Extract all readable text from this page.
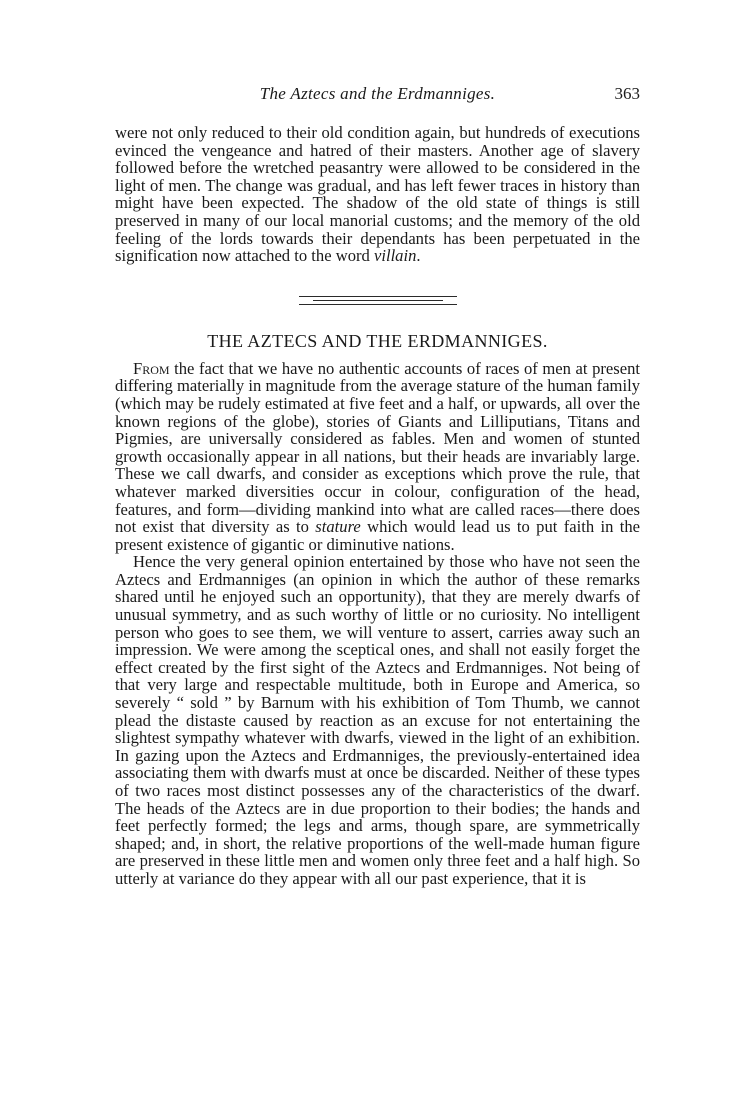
The Aztecs and the Erdmanniges.	363

were not only reduced to their old condition again, but hundreds of executions evinced the vengeance and hatred of their masters. Another age of slavery followed before the wretched peasantry were allowed to be considered in the light of men. The change was gradual, and has left fewer traces in history than might have been expected. The shadow of the old state of things is still preserved in many of our local manorial customs; and the memory of the old feeling of the lords towards their dependants has been perpetuated in the signification now attached to the word villain.

THE AZTECS AND THE ERDMANNIGES.

From the fact that we have no authentic accounts of races of men at present differing materially in magnitude from the average stature of the human family (which may be rudely estimated at five feet and a half, or upwards, all over the known regions of the globe), stories of Giants and Lilliputians, Titans and Pigmies, are universally considered as fables. Men and women of stunted growth occasionally appear in all nations, but their heads are invariably large. These we call dwarfs, and consider as exceptions which prove the rule, that whatever marked diversities occur in colour, configuration of the head, features, and form—dividing mankind into what are called races—there does not exist that diversity as to stature which would lead us to put faith in the present existence of gigantic or diminutive nations.

Hence the very general opinion entertained by those who have not seen the Aztecs and Erdmanniges (an opinion in which the author of these remarks shared until he enjoyed such an opportunity), that they are merely dwarfs of unusual symmetry, and as such worthy of little or no curiosity. No intelligent person who goes to see them, we will venture to assert, carries away such an impression. We were among the sceptical ones, and shall not easily forget the effect created by the first sight of the Aztecs and Erdmanniges. Not being of that very large and respectable multitude, both in Europe and America, so severely “ sold ” by Barnum with his exhibition of Tom Thumb, we cannot plead the distaste caused by reaction as an excuse for not entertaining the slightest sympathy whatever with dwarfs, viewed in the light of an exhibition. In gazing upon the Aztecs and Erdmanniges, the previously-entertained idea associating them with dwarfs must at once be discarded. Neither of these types of two races most distinct possesses any of the characteristics of the dwarf. The heads of the Aztecs are in due proportion to their bodies; the hands and feet perfectly formed; the legs and arms, though spare, are symmetrically shaped; and, in short, the relative proportions of the well-made human figure are preserved in these little men and women only three feet and a half high. So utterly at variance do they appear with all our past experience, that it is
